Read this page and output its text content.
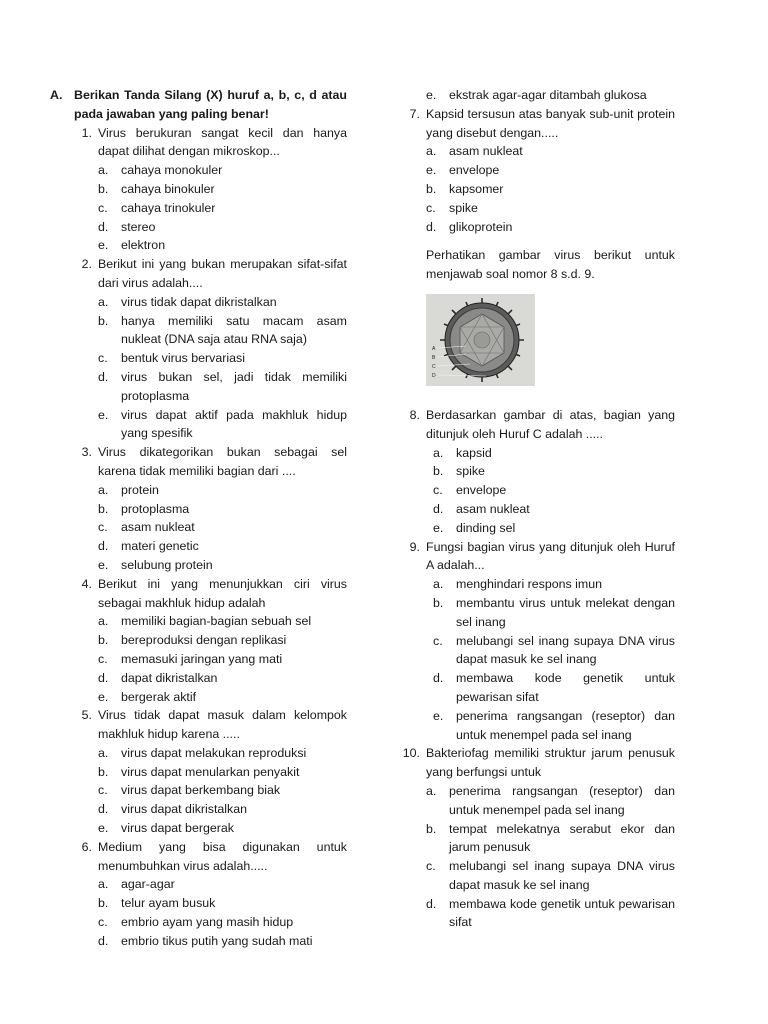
A. Berikan Tanda Silang (X) huruf a, b, c, d atau pada jawaban yang paling benar!
1. Virus berukuran sangat kecil dan hanya dapat dilihat dengan mikroskop...
a.	cahaya monokuler
b.	cahaya binokuler
c.	cahaya trinokuler
d.	stereo
e.	elektron
2. Berikut ini yang bukan merupakan sifat-sifat dari virus adalah....
a.	virus tidak dapat dikristalkan
b.	hanya memiliki satu macam asam nukleat (DNA saja atau RNA saja)
c.	bentuk virus bervariasi
d.	virus bukan sel, jadi tidak memiliki protoplasma
e.	virus dapat aktif pada makhluk hidup yang spesifik
3. Virus dikategorikan bukan sebagai sel karena tidak memiliki bagian dari ....
a.	protein
b.	protoplasma
c.	asam nukleat
d.	materi genetic
e.	selubung protein
4. Berikut ini yang menunjukkan ciri virus sebagai makhluk hidup adalah
a.	memiliki bagian-bagian sebuah sel
b.	bereproduksi dengan replikasi
c.	memasuki jaringan yang mati
d.	dapat dikristalkan
e.	bergerak aktif
5. Virus tidak dapat masuk dalam kelompok makhluk hidup karena .....
a.	virus dapat melakukan reproduksi
b.	virus dapat menularkan penyakit
c.	virus dapat berkembang biak
d.	virus dapat dikristalkan
e.	virus dapat bergerak
6. Medium yang bisa digunakan untuk menumbuhkan virus adalah.....
a.	agar-agar
b.	telur ayam busuk
c.	embrio ayam yang masih hidup
d.	embrio tikus putih yang sudah mati
e.	ekstrak agar-agar ditambah glukosa
7. Kapsid tersusun atas banyak sub-unit protein yang disebut dengan.....
a.	asam nukleat
e.	envelope
b.	kapsomer
c.	spike
d.	glikoprotein
Perhatikan gambar virus berikut untuk menjawab soal nomor 8 s.d. 9.
A
B
C
D
8. Berdasarkan gambar di atas, bagian yang ditunjuk oleh Huruf C adalah .....
a.	kapsid
b.	spike
c.	envelope
d.	asam nukleat
e.	dinding sel
9. Fungsi bagian virus yang ditunjuk oleh Huruf A adalah...
a.	menghindari respons imun
b.	membantu virus untuk melekat dengan sel inang
c.	melubangi sel inang supaya DNA virus dapat masuk ke sel inang
d.	membawa kode genetik untuk pewarisan sifat
e.	penerima rangsangan (reseptor) dan untuk menempel pada sel inang
10. Bakteriofag memiliki struktur jarum penusuk yang berfungsi untuk
a.	penerima rangsangan (reseptor) dan untuk menempel pada sel inang
b.	tempat melekatnya serabut ekor dan jarum penusuk
c.	melubangi sel inang supaya DNA virus dapat masuk ke sel inang
d.	membawa kode genetik untuk pewarisan sifat
